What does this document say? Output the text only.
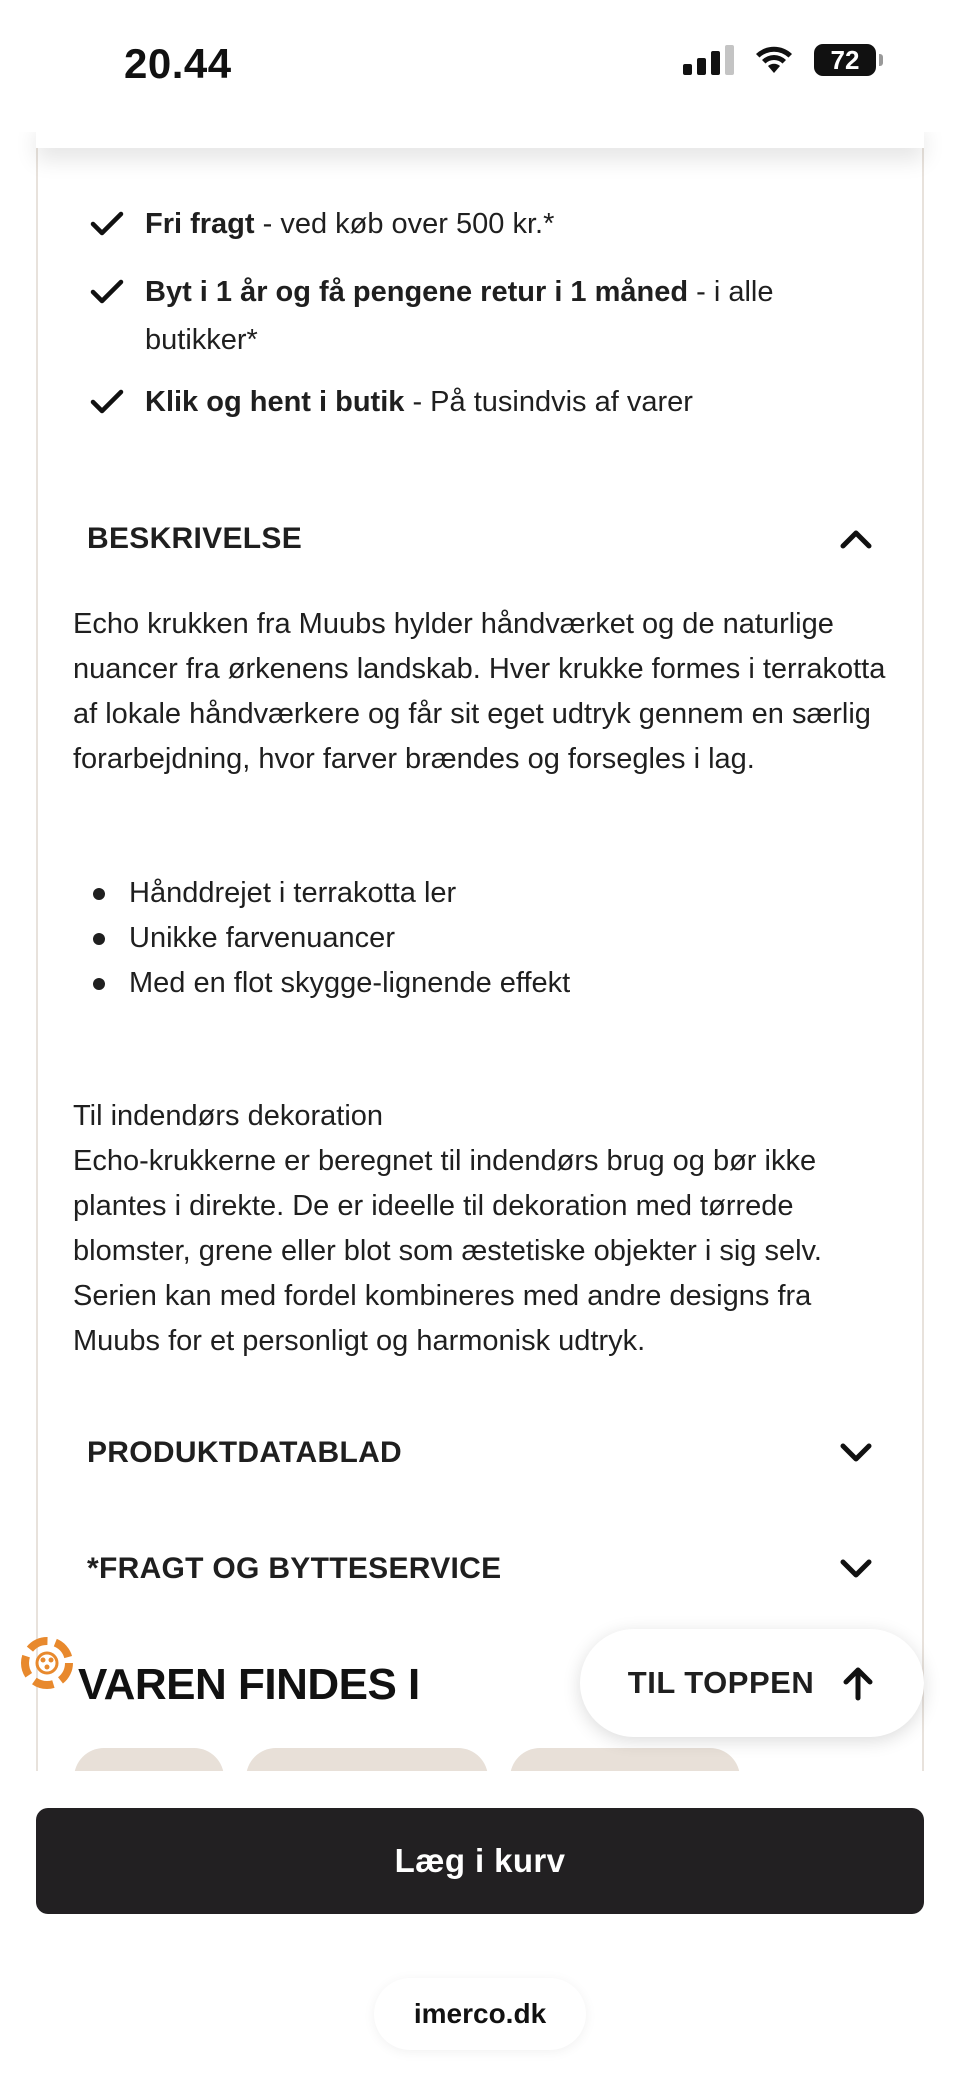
20.44	72
Fri fragt - ved køb over 500 kr.*
Byt i 1 år og få pengene retur i 1 måned - i alle butikker*
Klik og hent i butik - På tusindvis af varer
BESKRIVELSE

Echo krukken fra Muubs hylder håndværket og de naturlige nuancer fra ørkenens landskab. Hver krukke formes i terrakotta af lokale håndværkere og får sit eget udtryk gennem en særlig forarbejdning, hvor farver brændes og forsegles i lag.

Hånddrejet i terrakotta ler
Unikke farvenuancer
Med en flot skygge-lignende effekt
Til indendørs dekoration
Echo-krukkerne er beregnet til indendørs brug og bør ikke plantes i direkte. De er ideelle til dekoration med tørrede blomster, grene eller blot som æstetiske objekter i sig selv. Serien kan med fordel kombineres med andre designs fra Muubs for et personligt og harmonisk udtryk.
PRODUKTDATABLAD
*FRAGT OG BYTTESERVICE
VAREN FINDES I	TIL TOPPEN
Læg i kurv
imerco.dk
